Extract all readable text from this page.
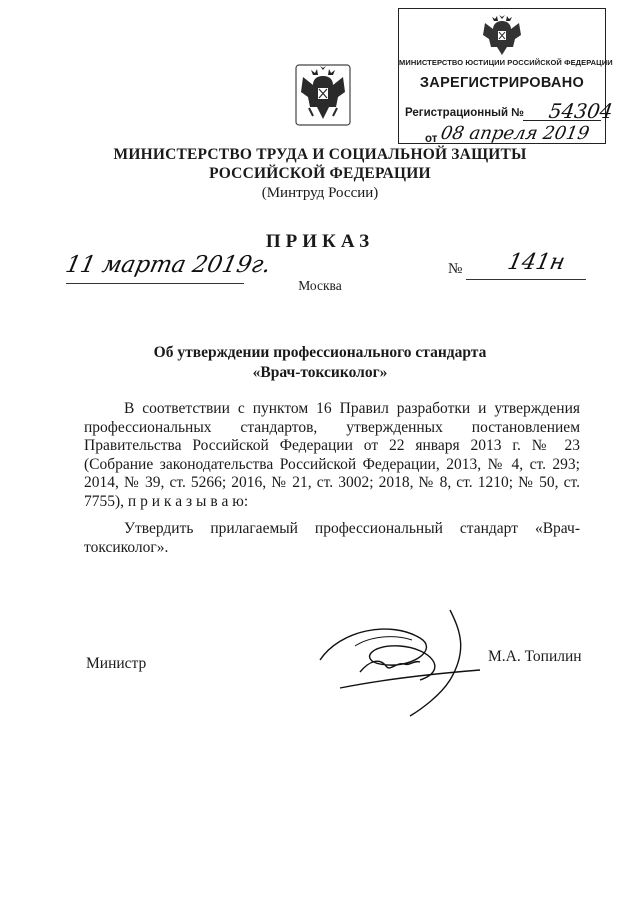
МИНИСТЕРСТВО ЮСТИЦИИ РОССИЙСКОЙ ФЕДЕРАЦИИ
ЗАРЕГИСТРИРОВАНО
Регистрационный № 54304
от 08 апреля 2019
МИНИСТЕРСТВО ТРУДА И СОЦИАЛЬНОЙ ЗАЩИТЫ
РОССИЙСКОЙ ФЕДЕРАЦИИ
(Минтруд России)
ПРИКАЗ
11 марта 2019г.	№ 141н
Москва
Об утверждении профессионального стандарта
«Врач-токсиколог»
В соответствии с пунктом 16 Правил разработки и утверждения профессиональных стандартов, утвержденных постановлением Правительства Российской Федерации от 22 января 2013 г. № 23 (Собрание законодательства Российской Федерации, 2013, № 4, ст. 293; 2014, № 39, ст. 5266; 2016, № 21, ст. 3002; 2018, № 8, ст. 1210; № 50, ст. 7755), п р и к а з ы в а ю:
Утвердить прилагаемый профессиональный стандарт «Врач-токсиколог».
Министр	М.А. Топилин
